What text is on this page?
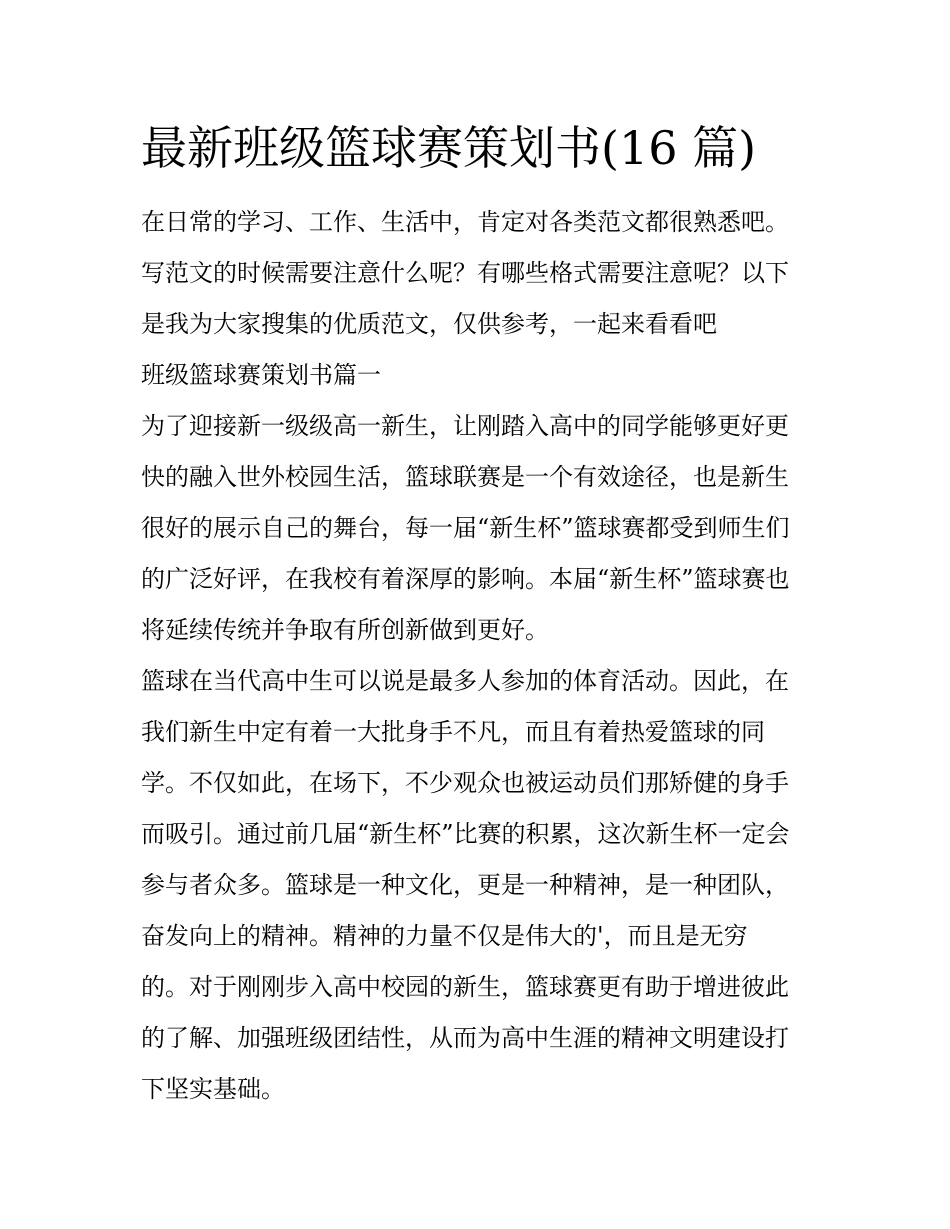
最新班级篮球赛策划书(16 篇)

在日常的学习、工作、生活中，肯定对各类范文都很熟悉吧。

写范文的时候需要注意什么呢？有哪些格式需要注意呢？以下

是我为大家搜集的优质范文，仅供参考，一起来看看吧

班级篮球赛策划书篇一

为了迎接新一级级高一新生，让刚踏入高中的同学能够更好更

快的融入世外校园生活，篮球联赛是一个有效途径，也是新生

很好的展示自己的舞台，每一届“新生杯”篮球赛都受到师生们

的广泛好评，在我校有着深厚的影响。本届“新生杯”篮球赛也

将延续传统并争取有所创新做到更好。

篮球在当代高中生可以说是最多人参加的体育活动。因此，在

我们新生中定有着一大批身手不凡，而且有着热爱篮球的同

学。不仅如此，在场下，不少观众也被运动员们那矫健的身手

而吸引。通过前几届“新生杯”比赛的积累，这次新生杯一定会

参与者众多。篮球是一种文化，更是一种精神，是一种团队，

奋发向上的精神。精神的力量不仅是伟大的'，而且是无穷

的。对于刚刚步入高中校园的新生，篮球赛更有助于增进彼此

的了解、加强班级团结性，从而为高中生涯的精神文明建设打

下坚实基础。
